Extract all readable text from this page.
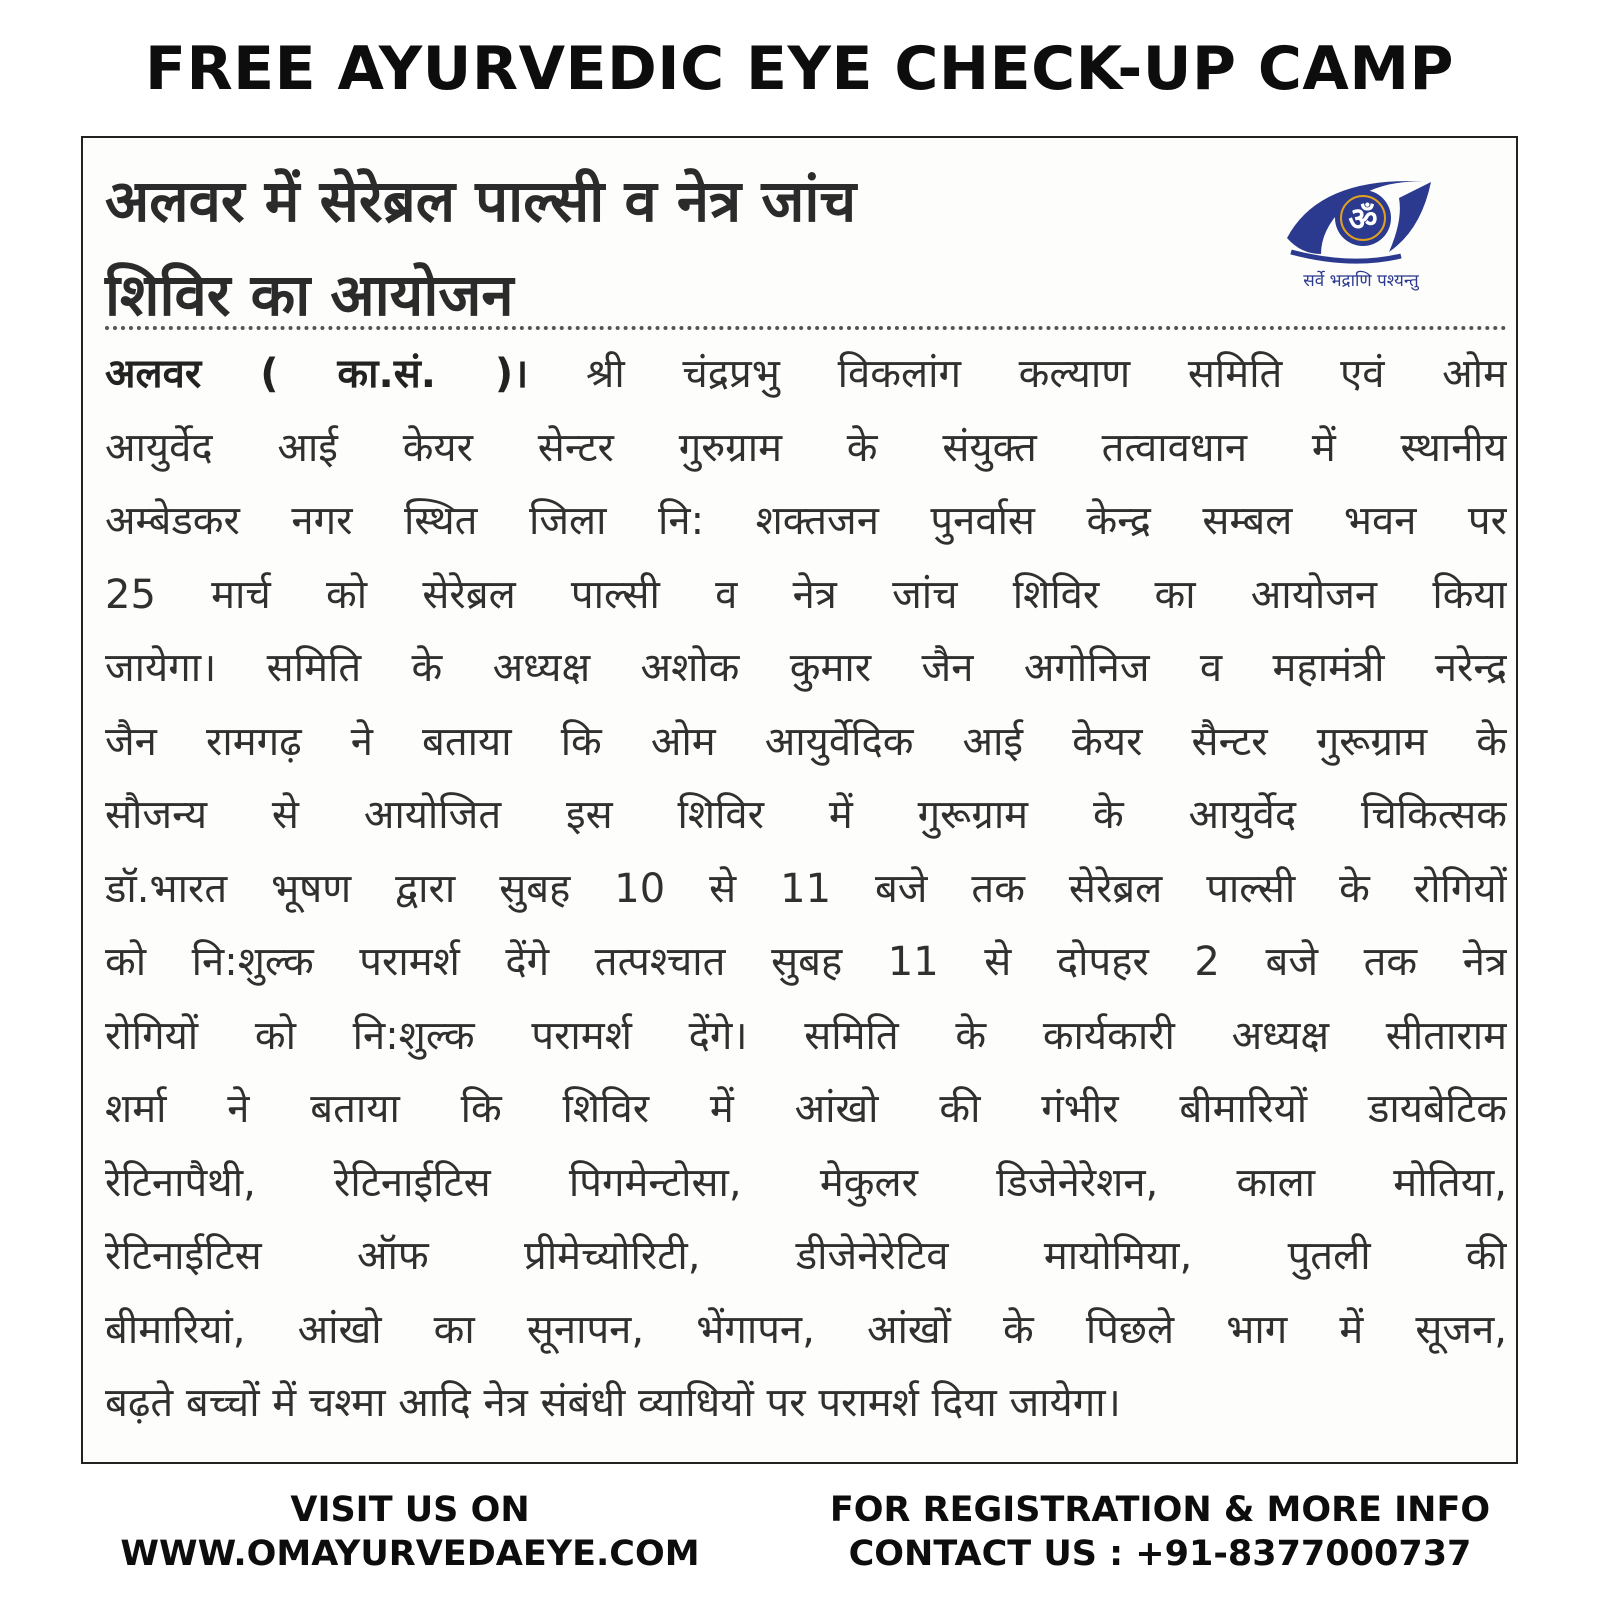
FREE AYURVEDIC EYE CHECK-UP CAMP
अलवर में सेरेब्रल पाल्सी व नेत्र जांच
शिविर का आयोजन
ॐ
सर्वे भद्राणि पश्यन्तु
अलवर ( का.सं. )। श्री चंद्रप्रभु विकलांग कल्याण समिति एवं ओम
आयुर्वेद आई केयर सेन्टर गुरुग्राम के संयुक्त तत्वावधान में स्थानीय
अम्बेडकर नगर स्थित जिला नि: शक्तजन पुनर्वास केन्द्र सम्बल भवन पर
25 मार्च को सेरेब्रल पाल्सी व नेत्र जांच शिविर का आयोजन किया
जायेगा। समिति के अध्यक्ष अशोक कुमार जैन अगोनिज व महामंत्री नरेन्द्र
जैन रामगढ़ ने बताया कि ओम आयुर्वेदिक आई केयर सैन्टर गुरूग्राम के
सौजन्य से आयोजित इस शिविर में गुरूग्राम के आयुर्वेद चिकित्सक
डॉ.भारत भूषण द्वारा सुबह 10 से 11 बजे तक सेरेब्रल पाल्सी के रोगियों
को नि:शुल्क परामर्श देंगे तत्पश्चात सुबह 11 से दोपहर 2 बजे तक नेत्र
रोगियों को नि:शुल्क परामर्श देंगे। समिति के कार्यकारी अध्यक्ष सीताराम
शर्मा ने बताया कि शिविर में आंखो की गंभीर बीमारियों डायबेटिक
रेटिनापैथी, रेटिनाईटिस पिगमेन्टोसा, मेकुलर डिजेनेरेशन, काला मोतिया,
रेटिनाईटिस ऑफ प्रीमेच्योरिटी, डीजेनेरेटिव मायोमिया, पुतली की
बीमारियां, आंखो का सूनापन, भेंगापन, आंखों के पिछले भाग में सूजन,
बढ़ते बच्चों में चश्मा आदि नेत्र संबंधी व्याधियों पर परामर्श दिया जायेगा।
VISIT US ON
WWW.OMAYURVEDAEYE.COM
FOR REGISTRATION & MORE INFO
CONTACT US : +91-8377000737
